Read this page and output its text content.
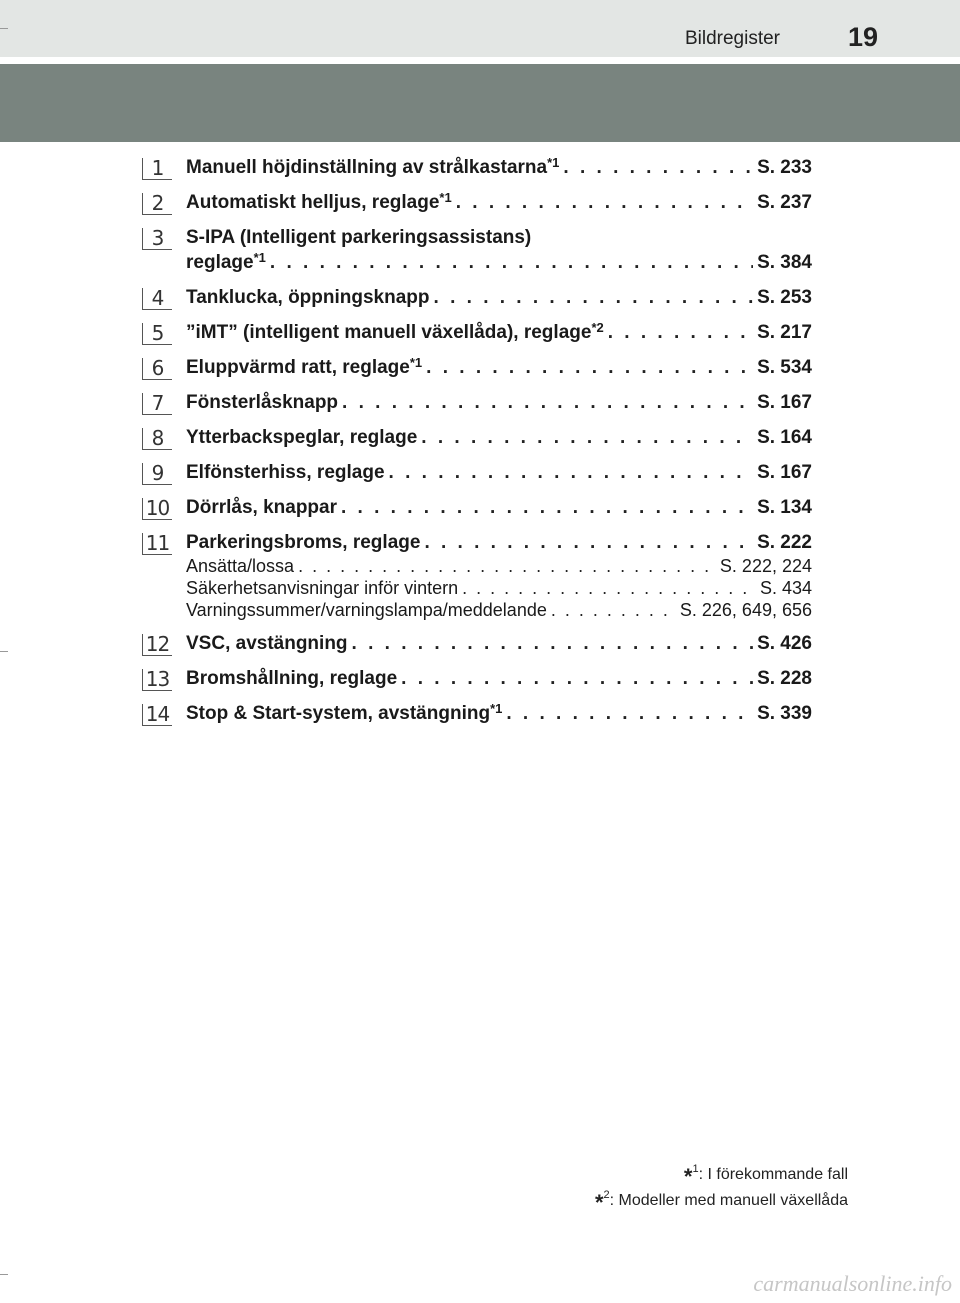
Bildregister	19
1	Manuell höjdinställning av strålkastarna$^{*1}$ . . .	S. 233
2	Automatiskt helljus, reglage$^{*1}$ . . .	S. 237
3	S-IPA (Intelligent parkeringsassistans)
reglage$^{*1}$ . . .	S. 384
4	Tanklucka, öppningsknapp . . .	S. 253
5	”iMT” (intelligent manuell växellåda), reglage$^{*2}$ . . .	S. 217
6	Eluppvärmd ratt, reglage$^{*1}$ . . .	S. 534
7	Fönsterlåsknapp . . .	S. 167
8	Ytterbackspeglar, reglage . . .	S. 164
9	Elfönsterhiss, reglage . . .	S. 167
10 Dörrlås, knappar . . .	S. 134
11 Parkeringsbroms, reglage . . .	S. 222
Ansätta/lossa . . .	S. 222, 224
Säkerhetsanvisningar inför vintern . . .	S. 434
Varningssummer/varningslampa/meddelande . . .	S. 226, 649, 656
12 VSC, avstängning . . .	S. 426
13 Bromshållning, reglage . . .	S. 228
14 Stop & Start-system, avstängning$^{*1}$ . . .	S. 339
*$^1$: I förekommande fall
*$^2$: Modeller med manuell växellåda
carmanualsonline.info
